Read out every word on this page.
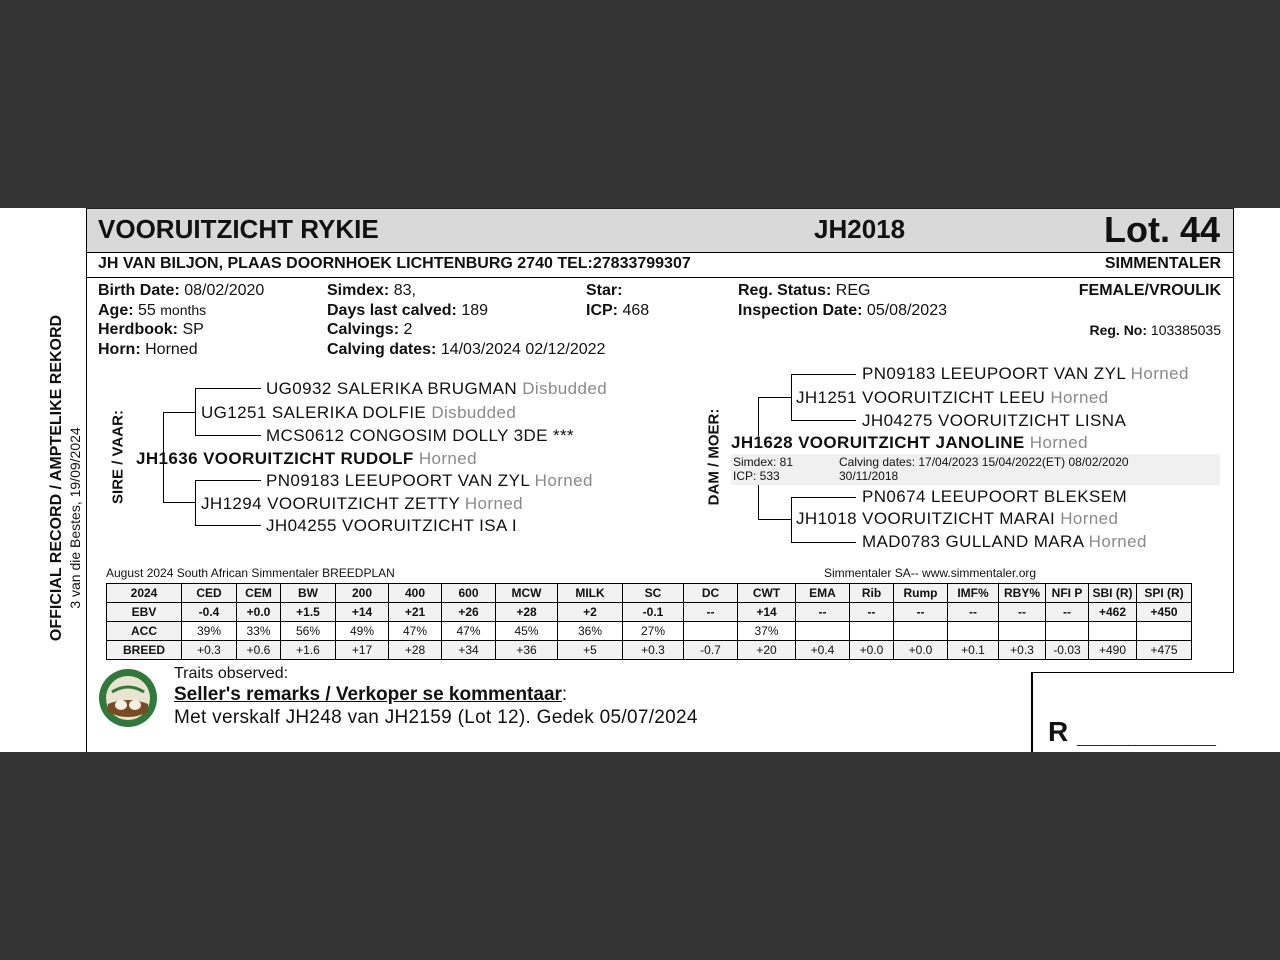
VOORUITZICHT RYKIE	JH2018	Lot. 44
JH VAN BILJON, PLAAS DOORNHOEK LICHTENBURG 2740 TEL:27833799307	SIMMENTALER
OFFICIAL RECORD / AMPTELIKE REKORD 3 van die Bestes, 19/09/2024
Birth Date: 08/02/2020
Age: 55 months
Herdbook: SP
Horn: Horned
Simdex: 83,
Days last calved: 189
Calvings: 2
Calving dates: 14/03/2024 02/12/2022
Star:
ICP: 468
Reg. Status: REG
Inspection Date: 05/08/2023
FEMALE/VROULIK
Reg. No: 103385035
SIRE / VAAR:
UG0932 SALERIKA BRUGMAN Disbudded
UG1251 SALERIKA DOLFIE Disbudded
MCS0612 CONGOSIM DOLLY 3DE ***
JH1636 VOORUITZICHT RUDOLF Horned
PN09183 LEEUPOORT VAN ZYL Horned
JH1294 VOORUITZICHT ZETTY Horned
JH04255 VOORUITZICHT ISA I
DAM / MOER:
PN09183 LEEUPOORT VAN ZYL Horned
JH1251 VOORUITZICHT LEEU Horned
JH04275 VOORUITZICHT LISNA
JH1628 VOORUITZICHT JANOLINE Horned
Simdex: 81
ICP: 533
Calving dates: 17/04/2023 15/04/2022(ET) 08/02/2020
30/11/2018
PN0674 LEEUPOORT BLEKSEM
JH1018 VOORUITZICHT MARAI Horned
MAD0783 GULLAND MARA Horned
August 2024 South African Simmentaler BREEDPLAN	Simmentaler SA-- www.simmentaler.org
2024	CED	CEM	BW	200	400	600	MCW	MILK	SC	DC	CWT	EMA	Rib	Rump	IMF%	RBY%	NFI P	SBI (R)	SPI (R)
EBV	-0.4	+0.0	+1.5	+14	+21	+26	+28	+2	-0.1	--	+14	--	--	--	--	--	--	+462	+450
ACC	39%	33%	56%	49%	47%	47%	45%	36%	27%		37%								
BREED	+0.3	+0.6	+1.6	+17	+28	+34	+36	+5	+0.3	-0.7	+20	+0.4	+0.0	+0.0	+0.1	+0.3	-0.03	+490	+475
Traits observed:
Seller's remarks / Verkoper se kommentaar:
Met verskalf JH248 van JH2159 (Lot 12). Gedek 05/07/2024	R ___________________
